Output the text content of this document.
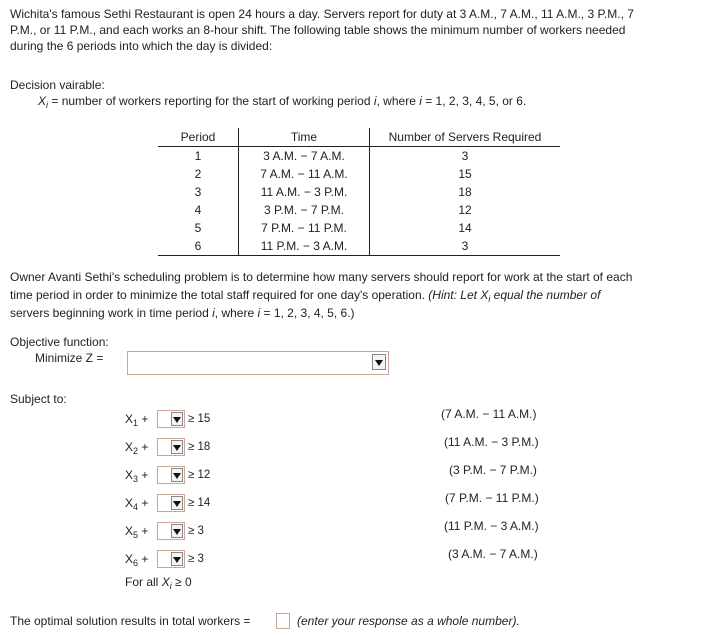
Wichita's famous Sethi Restaurant is open 24 hours a day. Servers report for duty at 3 A.M., 7 A.M., 11 A.M., 3 P.M., 7
P.M., or 11 P.M., and each works an 8-hour shift. The following table shows the minimum number of workers needed
during the 6 periods into which the day is divided:
Decision vairable:
$X_i$ = number of workers reporting for the start of working period i, where i = 1, 2, 3, 4, 5, or 6.
Period	Time	Number of Servers Required
1	3 A.M. − 7 A.M.	3
2	7 A.M. − 11 A.M.	15
3	11 A.M. − 3 P.M.	18
4	3 P.M. − 7 P.M.	12
5	7 P.M. − 11 P.M.	14
6	11 P.M. − 3 A.M.	3
Owner Avanti Sethi's scheduling problem is to determine how many servers should report for work at the start of each
time period in order to minimize the total staff required for one day's operation. (Hint: Let $X_i$ equal the number of
servers beginning work in time period i, where i = 1, 2, 3, 4, 5, 6.)
Objective function:
Minimize Z =
Subject to:
$X_1$ +	≥ 15	(7 A.M. − 11 A.M.)
$X_2$ +	≥ 18	(11 A.M. − 3 P.M.)
$X_3$ +	≥ 12	(3 P.M. − 7 P.M.)
$X_4$ +	≥ 14	(7 P.M. − 11 P.M.)
$X_5$ +	≥ 3	(11 P.M. − 3 A.M.)
$X_6$ +	≥ 3	(3 A.M. − 7 A.M.)
For all $X_i \ge 0$
The optimal solution results in total workers =	(enter your response as a whole number).
